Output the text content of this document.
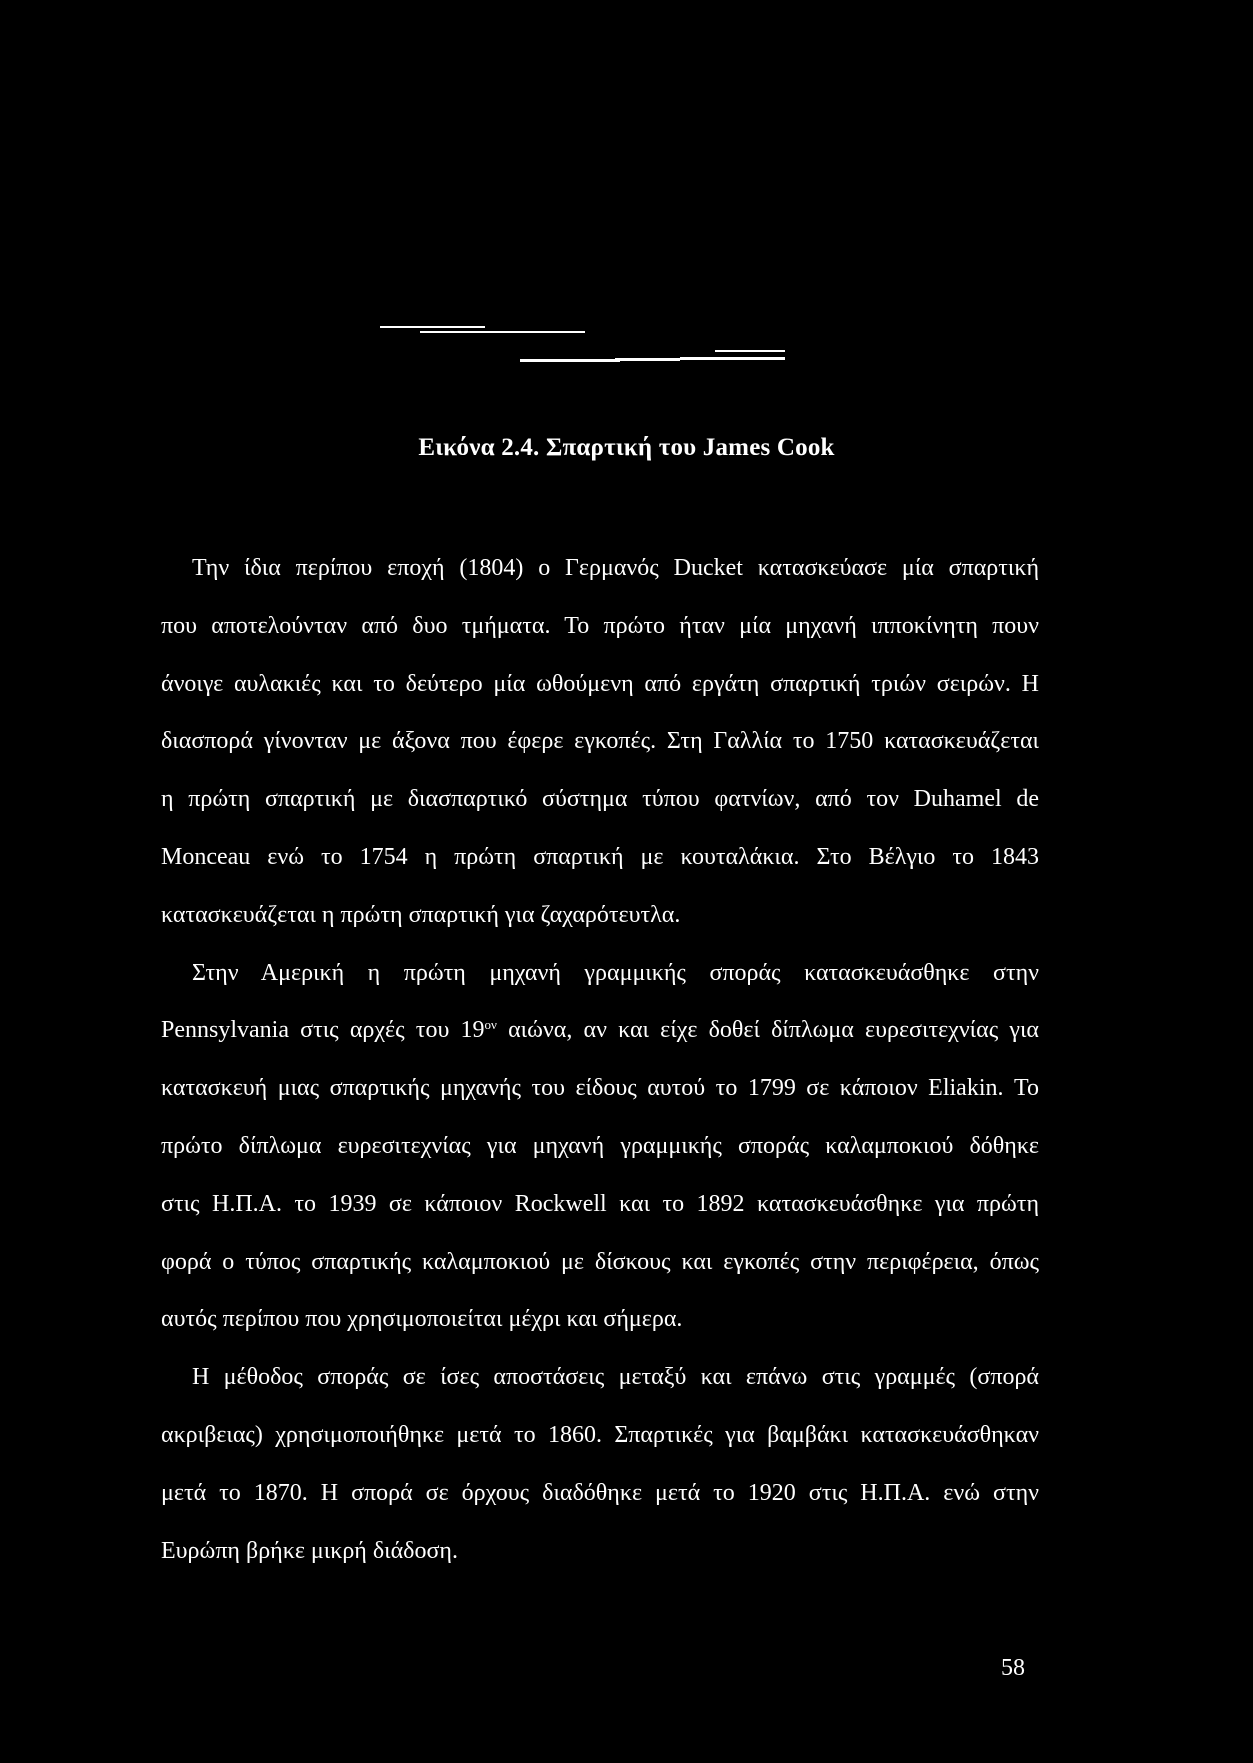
Εικόνα 2.4. Σπαρτική του James Cook
Την ίδια περίπου εποχή (1804) ο Γερμανός Ducket κατασκεύασε μία σπαρτική
που αποτελούνταν από δυο τμήματα. Το πρώτο ήταν μία μηχανή ιπποκίνητη πουν
άνοιγε αυλακιές και το δεύτερο μία ωθούμενη από εργάτη σπαρτική τριών σειρών. Η
διασπορά γίνονταν με άξονα που έφερε εγκοπές. Στη Γαλλία το 1750 κατασκευάζεται
η πρώτη σπαρτική με διασπαρτικό σύστημα τύπου φατνίων, από τον Duhamel de
Monceau ενώ το 1754 η πρώτη σπαρτική με κουταλάκια. Στο Βέλγιο το 1843
κατασκευάζεται η πρώτη σπαρτική για ζαχαρότευτλα.
Στην Αμερική η πρώτη μηχανή γραμμικής σποράς κατασκευάσθηκε στην
Pennsylvania στις αρχές του $19^{o\nu}$ αιώνα, αν και είχε δοθεί δίπλωμα ευρεσιτεχνίας για
κατασκευή μιας σπαρτικής μηχανής του είδους αυτού το 1799 σε κάποιον Eliakin. Το
πρώτο δίπλωμα ευρεσιτεχνίας για μηχανή γραμμικής σποράς καλαμποκιού δόθηκε
στις Η.Π.Α. το 1939 σε κάποιον Rockwell και το 1892 κατασκευάσθηκε για πρώτη
φορά ο τύπος σπαρτικής καλαμποκιού με δίσκους και εγκοπές στην περιφέρεια, όπως
αυτός περίπου που χρησιμοποιείται μέχρι και σήμερα.
Η μέθοδος σποράς σε ίσες αποστάσεις μεταξύ και επάνω στις γραμμές (σπορά
ακριβειας) χρησιμοποιήθηκε μετά το 1860. Σπαρτικές για βαμβάκι κατασκευάσθηκαν
μετά το 1870. Η σπορά σε όρχους διαδόθηκε μετά το 1920 στις Η.Π.Α. ενώ στην
Ευρώπη βρήκε μικρή διάδοση.
58
